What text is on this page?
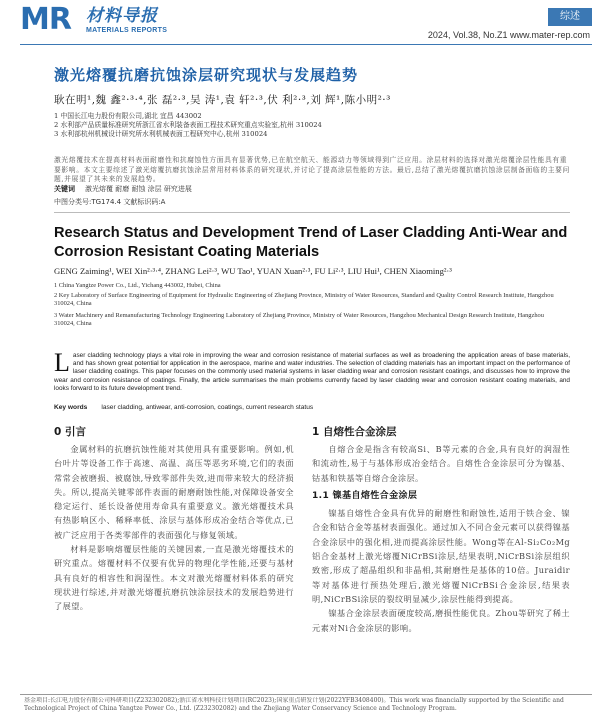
MR 材料导报
MATERIALS REPORTS
综述
2024, Vol.38, No.Z1 www.mater-rep.com
激光熔覆抗磨抗蚀涂层研究现状与发展趋势
耿在明¹,魏 鑫²·³·⁴,张 磊²·³,吴 涛¹,袁 轩²·³,伏 利²·³,刘 辉¹,陈小明²·³
1 中国长江电力股份有限公司,湖北 宜昌 443002
2 水利部产品质量标准研究所浙江省水利装备表面工程技术研究重点实验室,杭州 310024
3 水利部杭州机械设计研究所水利机械表面工程研究中心,杭州 310024
激光熔覆技术在提高材料表面耐磨性和抗腐蚀性方面具有显著优势,已在航空航天、能源动力等领域得到广泛应用。涂层材料的选择对激光熔覆涂层性能具有重要影响。本文主要综述了激光熔覆抗磨抗蚀涂层常用材料体系的研究现状,并讨论了提高涂层性能的方法。最后,总结了激光熔覆抗磨抗蚀涂层制备面临的主要问题,并展望了其未来的发展趋势。
关键词 激光熔覆 耐磨 耐蚀 涂层 研究进展
中图分类号:TG174.4 文献标识码:A
Research Status and Development Trend of Laser Cladding Anti-Wear and
Corrosion Resistant Coating Materials
GENG Zaiming¹, WEI Xin²·³·⁴, ZHANG Lei²·³, WU Tao¹, YUAN Xuan²·³, FU Li²·³, LIU Hui¹, CHEN Xiaoming²·³
1 China Yangtze Power Co., Ltd., Yichang 443002, Hubei, China
2 Key Laboratory of Surface Engineering of Equipment for Hydraulic Engineering of Zhejiang Province, Ministry of Water Resources, Standard and Quality Control Research Institute, Hangzhou 310024, China
3 Water Machinery and Remanufacturing Technology Engineering Laboratory of Zhejiang Province, Ministry of Water Resources, Hangzhou Mechanical Design Research Institute, Hangzhou 310024, China
Laser cladding technology plays a vital role in improving the wear and corrosion resistance of material surfaces as well as broadening the application areas of base materials, and has shown great potential for application in the aerospace, marine and water industries. The selection of cladding materials has an important impact on the performance of laser cladding coatings. This paper focuses on the commonly used material systems in laser cladding wear and corrosion resistant coatings, and discusses how to improve the wear and corrosion resistance of coatings. Finally, the article summarises the main problems currently faced by laser cladding wear and corrosion resistant coating materials, and looks forward to its future development trend.
Key words laser cladding, antiwear, anti-corrosion, coatings, current research status
0 引言

金属材料的抗磨抗蚀性能对其使用具有重要影响。例如,机台叶片等设备工作于高速、高温、高压等恶劣环境,它们的表面常常会被磨损、被腐蚀,导致零部件失效,进而带来较大的经济损失。所以,提高关键零部件表面的耐磨耐蚀性能,对保障设备安全稳定运行、延长设备使用寿命具有重要意义。激光熔覆技术具有热影响区小、稀释率低、涂层与基体形成冶金结合等优点,已被广泛应用于各类零部件的表面强化与修复领域。

材料是影响熔覆层性能的关键因素,一直是激光熔覆技术的研究重点。熔覆材料不仅要有优异的物理化学性能,还要与基材具有良好的相容性和润湿性。本文对激光熔覆材料体系的研究现状进行综述,并对激光熔覆抗磨抗蚀涂层技术的发展趋势进行了展望。

1 自熔性合金涂层

自熔合金是指含有较高Si、B等元素的合金,具有良好的润湿性和流动性,易于与基体形成冶金结合。自熔性合金涂层可分为镍基、钴基和铁基等自熔合金涂层。

1.1 镍基自熔性合金涂层

镍基自熔性合金具有优异的耐磨性和耐蚀性,适用于铁合金、镍合金和钴合金等基材表面强化。通过加入不同合金元素可以获得镍基合金涂层中的强化相,进而提高涂层性能。Wong等在Al-Si₂Co₂Mg铝合金基材上激光熔覆NiCrBSi涂层,结果表明,NiCrBSi涂层组织致密,形成了超晶组织和非晶相,其耐磨性是基体的10倍。Juraidir等对基体进行预热处理后,激光熔覆NiCrBSi合金涂层,结果表明,NiCrBSi涂层的裂纹明显减少,涂层性能得到提高。

镍基合金涂层表面硬度较高,磨损性能优良。Zhou等研究了稀土元素对Ni合金涂层的影响。

基金项目:长江电力股份有限公司科研项目(Z232302082);浙江省水利科技计划项目(RC2023);国家重点研发计划(2022YFB3408400)。This work was financially supported by the Scientific and Technological Project of China Yangtze Power Co., Ltd. (Z232302082) and the Zhejiang Water Conservancy Science and Technology Program.
